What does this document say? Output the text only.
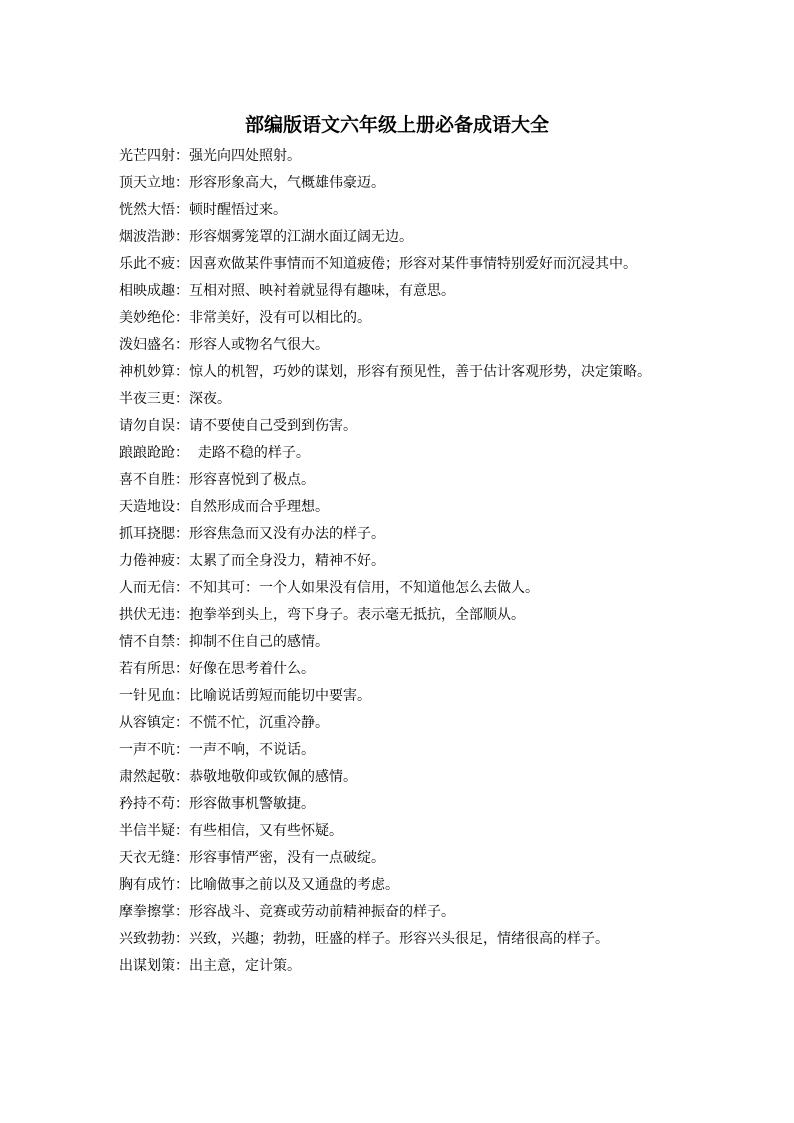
部编版语文六年级上册必备成语大全
光芒四射：强光向四处照射。
顶天立地：形容形象高大，气概雄伟豪迈。
恍然大悟：顿时醒悟过来。
烟波浩渺：形容烟雾笼罩的江湖水面辽阔无边。
乐此不疲：因喜欢做某件事情而不知道疲倦；形容对某件事情特别爱好而沉浸其中。
相映成趣：互相对照、映衬着就显得有趣味，有意思。
美妙绝伦：非常美好，没有可以相比的。
泼妇盛名：形容人或物名气很大。
神机妙算：惊人的机智，巧妙的谋划，形容有预见性，善于估计客观形势，决定策略。
半夜三更：深夜。
请勿自误：请不要使自己受到到伤害。
踉踉跄跄：  走路不稳的样子。
喜不自胜：形容喜悦到了极点。
天造地设：自然形成而合乎理想。
抓耳挠腮：形容焦急而又没有办法的样子。
力倦神疲：太累了而全身没力，精神不好。
人而无信：不知其可：一个人如果没有信用，不知道他怎么去做人。
拱伏无违：抱拳举到头上，弯下身子。表示毫无抵抗，全部顺从。
情不自禁：抑制不住自己的感情。
若有所思：好像在思考着什么。
一针见血：比喻说话剪短而能切中要害。
从容镇定：不慌不忙，沉重冷静。
一声不吭：一声不响，不说话。
肃然起敬：恭敬地敬仰或钦佩的感情。
矜持不苟：形容做事机警敏捷。
半信半疑：有些相信，又有些怀疑。
天衣无缝：形容事情严密，没有一点破绽。
胸有成竹：比喻做事之前以及又通盘的考虑。
摩拳擦掌：形容战斗、竞赛或劳动前精神振奋的样子。
兴致勃勃：兴致，兴趣；勃勃，旺盛的样子。形容兴头很足，情绪很高的样子。
出谋划策：出主意，定计策。
